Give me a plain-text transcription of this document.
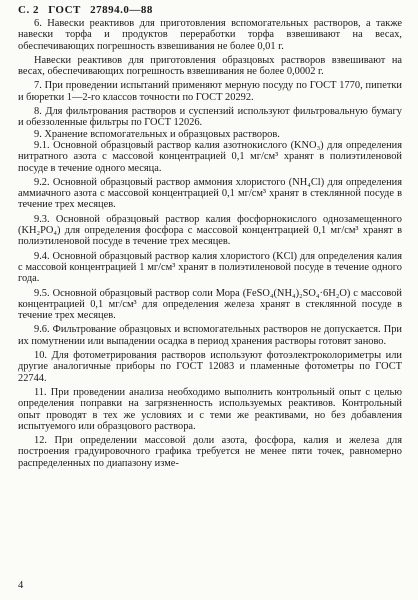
С. 2 ГОСТ 27894.0—88

6. Навески реактивов для приготовления вспомогательных растворов, а также навески торфа и продуктов переработки торфа взвешивают на весах, обеспечивающих погрешность взвешивания не более 0,01 г.

Навески реактивов для приготовления образцовых растворов взвешивают на весах, обеспечивающих погрешность взвешивания не более 0,0002 г.

7. При проведении испытаний применяют мерную посуду по ГОСТ 1770, пипетки и бюретки 1—2-го классов точности по ГОСТ 20292.

8. Для фильтрования растворов и суспензий используют фильтровальную бумагу и обеззоленные фильтры по ГОСТ 12026.

9. Хранение вспомогательных и образцовых растворов.

9.1. Основной образцовый раствор калия азотнокислого (KNO₃) для определения нитратного азота с массовой концентрацией 0,1 мг/см³ хранят в полиэтиленовой посуде в течение одного месяца.

9.2. Основной образцовый раствор аммония хлористого (NH₄Cl) для определения аммиачного азота с массовой концентрацией 0,1 мг/см³ хранят в стеклянной посуде в течение трех месяцев.

9.3. Основной образцовый раствор калия фосфорнокислого однозамещенного (KH₂PO₄) для определения фосфора с массовой концентрацией 0,1 мг/см³ хранят в полиэтиленовой посуде в течение трех месяцев.

9.4. Основной образцовый раствор калия хлористого (KCl) для определения калия с массовой концентрацией 1 мг/см³ хранят в полиэтиленовой посуде в течение одного года.

9.5. Основной образцовый раствор соли Мора (FeSO₄(NH₄)₂SO₄·6H₂O) с массовой концентрацией 0,1 мг/см³ для определения железа хранят в стеклянной посуде в течение трех месяцев.

9.6. Фильтрование образцовых и вспомогательных растворов не допускается. При их помутнении или выпадении осадка в период хранения растворы готовят заново.

10. Для фотометрирования растворов используют фотоэлектроколориметры или другие аналогичные приборы по ГОСТ 12083 и пламенные фотометры по ГОСТ 22744.

11. При проведении анализа необходимо выполнить контрольный опыт с целью определения поправки на загрязненность используемых реактивов. Контрольный опыт проводят в тех же условиях и с теми же реактивами, но без добавления испытуемого или образцового раствора.

12. При определении массовой доли азота, фосфора, калия и железа для построения градуировочного графика требуется не менее пяти точек, равномерно распределенных по диапазону изме-

4
